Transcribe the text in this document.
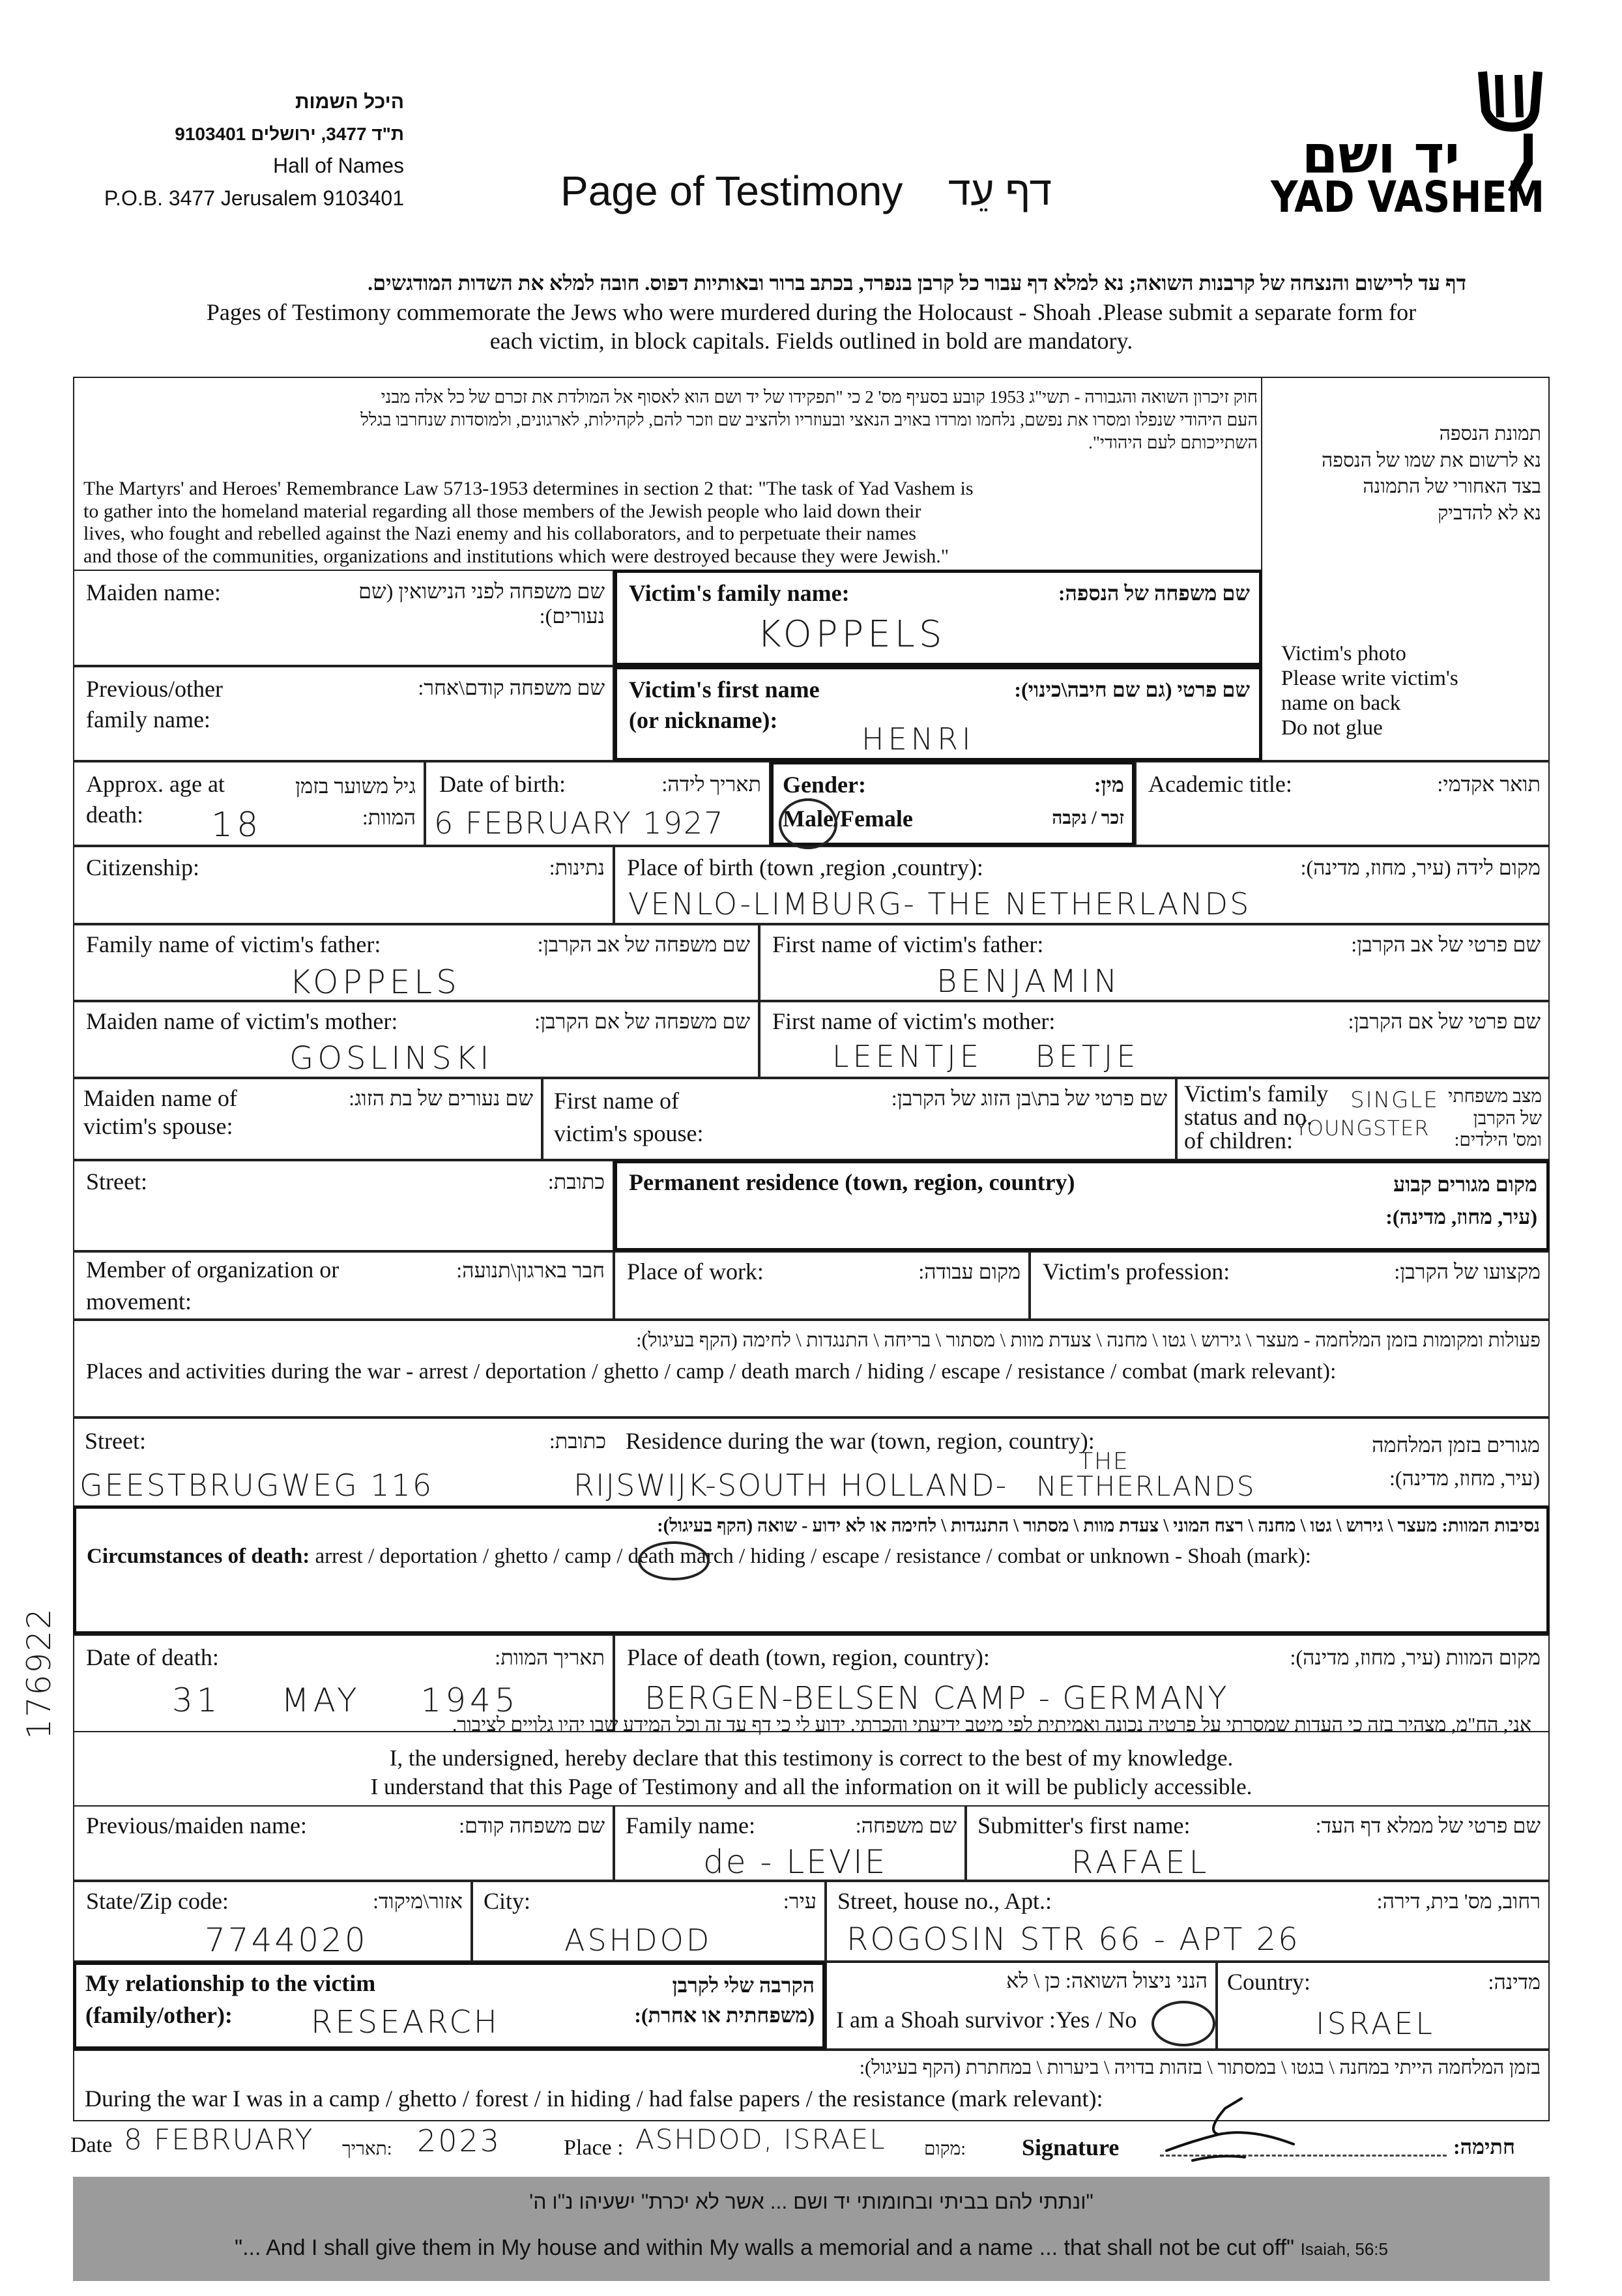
היכל השמות
ת"ד 3477, ירושלים 9103401
Hall of Names
P.O.B. 3477 Jerusalem 9103401	Page of Testimony דף עֵד
יד ושם
YAD VASHEM
דף עד לרישום והנצחה של קרבנות השואה; נא למלא דף עבור כל קרבן בנפרד, בכתב ברור ובאותיות דפוס. חובה למלא את השדות המודגשים.
Pages of Testimony commemorate the Jews who were murdered during the Holocaust - Shoah .Please submit a separate form for
each victim, in block capitals. Fields outlined in bold are mandatory.
חוק זיכרון השואה והגבורה - תשי"ג 1953 קובע בסעיף מס' 2 כי "תפקידו של יד ושם הוא לאסוף אל המולדת את זכרם של כל אלה מבני
העם היהודי שנפלו ומסרו את נפשם, נלחמו ומרדו באויב הנאצי ובעוזריו ולהציב שם וזכר להם, לקהילות, לארגונים, ולמוסדות שנחרבו בגלל
השתייכותם לעם היהודי".
The Martyrs' and Heroes' Remembrance Law 5713-1953 determines in section 2 that: "The task of Yad Vashem is
to gather into the homeland material regarding all those members of the Jewish people who laid down their
lives, who fought and rebelled against the Nazi enemy and his collaborators, and to perpetuate their names
and those of the communities, organizations and institutions which were destroyed because they were Jewish."
תמונת הנספה
נא לרשום את שמו של הנספה
בצד האחורי של התמונה
נא לא להדביק
Victim's photo
Please write victim's
name on back
Do not glue
Maiden name:	שם משפחה לפני הנישואין (שם נעורים):
Victim's family name:	שם משפחה של הנספה:
KOPPELS
Previous/other
family name:
שם משפחה קודם\אחר: Victim's first name
(or nickname):
שם פרטי (גם שם חיבה\כינוי):
HENRI
Approx. age at
death:
גיל משוער בזמן
המוות:
18
Date of birth:	תאריך לידה:
6 FEBRUARY 1927
Gender:	מין:
Male/Female	זכר / נקבה
Academic title:	תואר אקדמי:
Citizenship:	נתינות: Place of birth (town ,region ,country):	מקום לידה (עיר, מחוז, מדינה):
VENLO-LIMBURG- THE NETHERLANDS
Family name of victim's father:	שם משפחה של אב הקרבן:
KOPPELS
First name of victim's father:	שם פרטי של אב הקרבן:
BENJAMIN
Maiden name of victim's mother:	שם משפחה של אם הקרבן:
GOSLINSKI
First name of victim's mother:	שם פרטי של אם הקרבן:
LEENTJE BETJE
Maiden name of
victim's spouse:
שם נעורים של בת הזוג: First name of
victim's spouse:
שם פרטי של בת\בן הזוג של הקרבן: Victim's family
status and no.
of children:
מצב משפחתי
של הקרבן
ומס' הילדים:
SINGLE
YOUNGSTER
Street:	כתובת: Permanent residence (town, region, country)	מקום מגורים קבוע
(עיר, מחוז, מדינה):
Member of organization or
movement:
חבר בארגון\תנועה: Place of work:	מקום עבודה: Victim's profession:	מקצועו של הקרבן:
פעולות ומקומות בזמן המלחמה - מעצר \ גירוש \ גטו \ מחנה \ צעדת מוות \ מסתור \ בריחה \ התנגדות \ לחימה (הקף בעיגול):
Places and activities during the war - arrest / deportation / ghetto / camp / death march / hiding / escape / resistance / combat (mark relevant):
Street:	כתובת: Residence during the war (town, region, country):	מגורים בזמן המלחמה
(עיר, מחוז, מדינה):
GEESTBRUGWEG 116	RIJSWIJK-SOUTH HOLLAND-
THE
NETHERLANDS
נסיבות המוות: מעצר \ גירוש \ גטו \ מחנה \ רצח המוני \ צעדת מוות \ מסתור \ התנגדות \ לחימה או לא ידוע - שואה (הקף בעיגול):
Circumstances of death: arrest / deportation / ghetto / camp / death march / hiding / escape / resistance / combat or unknown - Shoah (mark):
Date of death:	תאריך המוות:
31 MAY 1945
Place of death (town, region, country):	מקום המוות (עיר, מחוז, מדינה):
BERGEN-BELSEN CAMP - GERMANY
אני, הח"מ, מצהיר בזה כי העדות שמסרתי על פרטיה נכונה ואמיתית לפי מיטב ידיעתי והכרתי. ידוע לי כי דף עד זה וכל המידע שבו יהיו גלויים לציבור.
I, the undersigned, hereby declare that this testimony is correct to the best of my knowledge.
I understand that this Page of Testimony and all the information on it will be publicly accessible.
Previous/maiden name:	שם משפחה קודם: Family name:	שם משפחה:
de - LEVIE
Submitter's first name:	שם פרטי של ממלא דף העד:
RAFAEL
State/Zip code:	אזור\מיקוד:
7744020
City:	עיר:
ASHDOD
Street, house no., Apt.:	רחוב, מס' בית, דירה:
ROGOSIN STR 66 - APT 26
My relationship to the victim
(family/other):
הקרבה שלי לקרבן
(משפחתית או אחרת):
RESEARCH
הנני ניצול השואה: כן \ לא
I am a Shoah survivor :Yes / No
Country:	מדינה:
ISRAEL
בזמן המלחמה הייתי במחנה \ בגטו \ במסתור \ בזהות בדויה \ ביערות \ במחתרת (הקף בעיגול):
During the war I was in a camp / ghetto / forest / in hiding / had false papers / the resistance (mark relevant):
Date 8 FEBRUARY :תאריך 2023	Place : ASHDOD, ISRAEL :מקום Signature	חתימה:
"ונתתי להם בביתי ובחומותי יד ושם ... אשר לא יכרת" ישעיהו נ"ו ה'
"... And I shall give them in My house and within My walls a memorial and a name ... that shall not be cut off" Isaiah, 56:5
176922
